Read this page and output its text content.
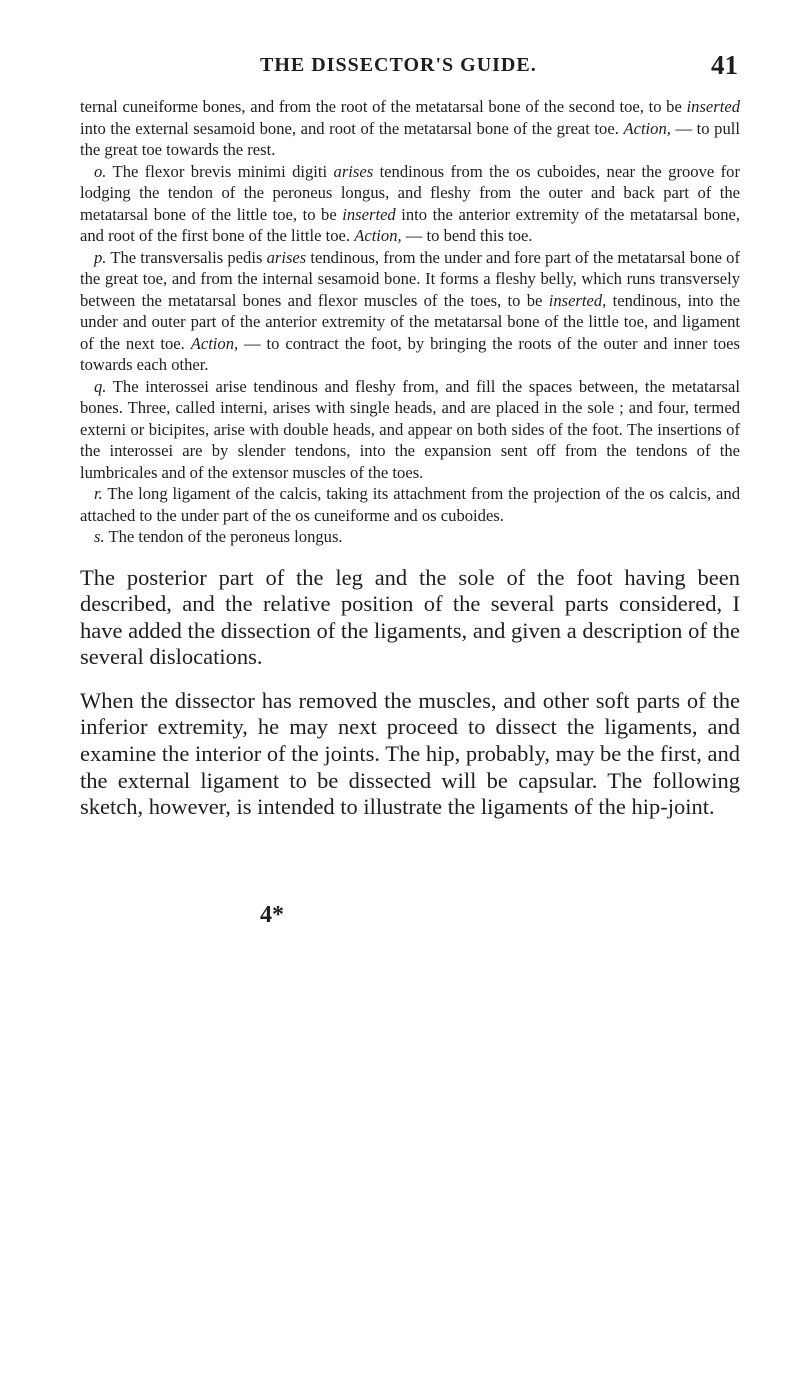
THE DISSECTOR'S GUIDE.	41

ternal cuneiforme bones, and from the root of the metatarsal bone of the second toe, to be inserted into the external sesamoid bone, and root of the metatarsal bone of the great toe. Action, — to pull the great toe towards the rest.

o. The flexor brevis minimi digiti arises tendinous from the os cuboides, near the groove for lodging the tendon of the peroneus longus, and fleshy from the outer and back part of the metatarsal bone of the little toe, to be inserted into the anterior extremity of the metatarsal bone, and root of the first bone of the little toe. Action, — to bend this toe.

p. The transversalis pedis arises tendinous, from the under and fore part of the metatarsal bone of the great toe, and from the internal sesamoid bone. It forms a fleshy belly, which runs transversely between the metatarsal bones and flexor muscles of the toes, to be inserted, tendinous, into the under and outer part of the anterior extremity of the metatarsal bone of the little toe, and ligament of the next toe. Action, — to contract the foot, by bringing the roots of the outer and inner toes towards each other.

q. The interossei arise tendinous and fleshy from, and fill the spaces between, the metatarsal bones. Three, called interni, arises with single heads, and are placed in the sole ; and four, termed externi or bicipites, arise with double heads, and appear on both sides of the foot. The insertions of the interossei are by slender tendons, into the expansion sent off from the tendons of the lumbricales and of the extensor muscles of the toes.

r. The long ligament of the calcis, taking its attachment from the projection of the os calcis, and attached to the under part of the os cuneiforme and os cuboides.

s. The tendon of the peroneus longus.

The posterior part of the leg and the sole of the foot having been described, and the relative position of the several parts considered, I have added the dissection of the ligaments, and given a description of the several dislocations.

When the dissector has removed the muscles, and other soft parts of the inferior extremity, he may next proceed to dissect the ligaments, and examine the interior of the joints. The hip, probably, may be the first, and the external ligament to be dissected will be capsular. The following sketch, however, is intended to illustrate the ligaments of the hip-joint.

4*
